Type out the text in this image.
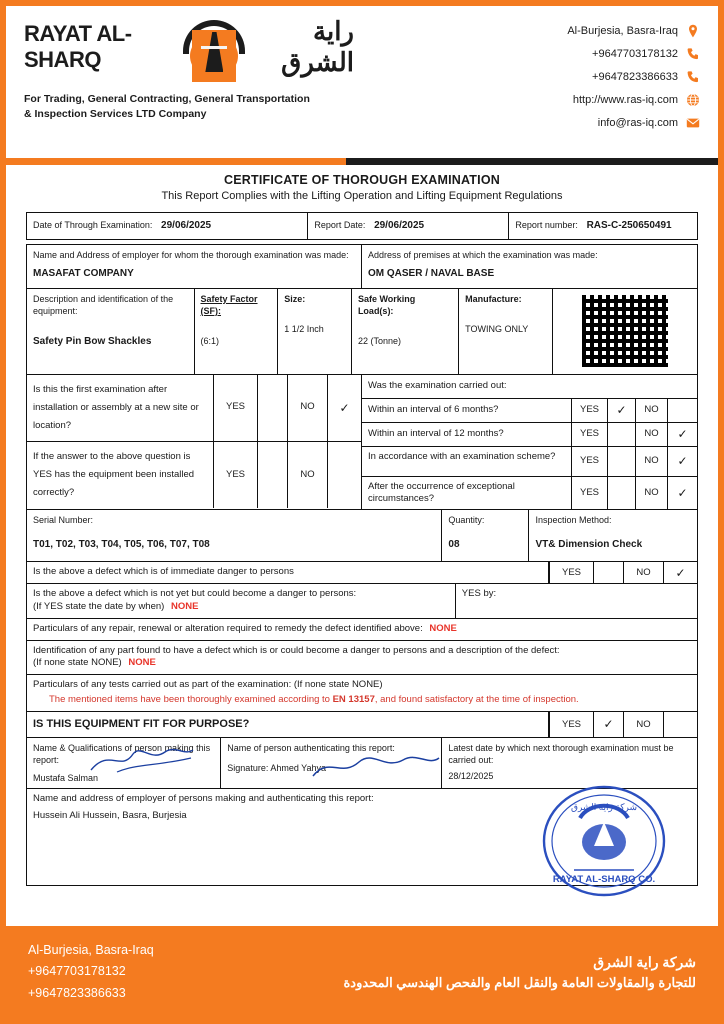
RAYAT AL-SHARQ
راية الشرق
For Trading, General Contracting, General Transportation
& Inspection Services LTD Company
Al-Burjesia, Basra-Iraq
+9647703178132
+9647823386633
http://www.ras-iq.com
info@ras-iq.com
CERTIFICATE OF THOROUGH EXAMINATION
This Report Complies with the Lifting Operation and Lifting Equipment Regulations
Date of Through Examination: 29/06/2025	Report Date: 29/06/2025	Report number: RAS-C-250650491
Name and Address of employer for whom the thorough examination was made:
MASAFAT COMPANY
Address of premises at which the examination was made:
OM QASER / NAVAL BASE
Description and identification of the equipment:
Safety Pin Bow Shackles
Safety Factor (SF):
(6:1)
Size:
1 1/2 Inch
Safe Working Load(s):
22 (Tonne)
Manufacture:
TOWING ONLY
Is this the first examination after installation or assembly at a new site or location?
YES	NO	✓
If the answer to the above question is YES has the equipment been installed correctly?
YES	NO
Was the examination carried out:
Within an interval of 6 months?	YES	✓	NO
Within an interval of 12 months?	YES	NO	✓
In accordance with an examination scheme?	YES	NO	✓
After the occurrence of exceptional circumstances?
YES	NO	✓
Serial Number:
T01, T02, T03, T04, T05, T06, T07, T08
Quantity:
08
Inspection Method:
VT& Dimension Check
Is the above a defect which is of immediate danger to persons	YES	NO	✓
Is the above a defect which is not yet but could become a danger to persons:
(If YES state the date by when) NONE
YES by:
Particulars of any repair, renewal or alteration required to remedy the defect identified above: NONE
Identification of any part found to have a defect which is or could become a danger to persons and a description of the defect:
(If none state NONE) NONE
Particulars of any tests carried out as part of the examination: (If none state NONE)
The mentioned items have been thoroughly examined according to EN 13157, and found satisfactory at the time of inspection.
IS THIS EQUIPMENT FIT FOR PURPOSE?	YES	✓	NO
Name & Qualifications of person making this report:
Mustafa Salman
Name of person authenticating this report:
Signature: Ahmed Yahya
Latest date by which next thorough examination must be carried out:
28/12/2025
Name and address of employer of persons making and authenticating this report:
Hussein Ali Hussein, Basra, Burjesia
شركة راية الشرق
RAYAT AL-SHARQ CO.
Al-Burjesia, Basra-Iraq
+9647703178132
+9647823386633
شركة راية الشرق
للتجارة والمقاولات العامة والنقل العام والفحص الهندسي المحدودة
